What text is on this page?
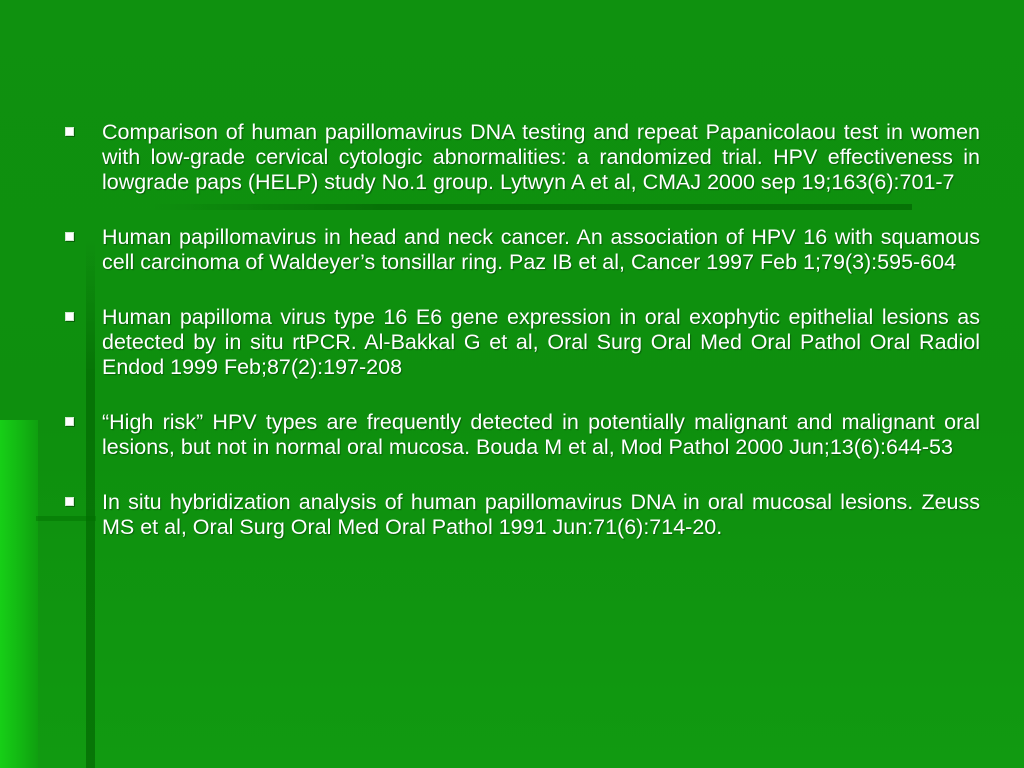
Comparison of human papillomavirus DNA testing and repeat Papanicolaou test in women with low-grade cervical cytologic abnormalities: a randomized trial. HPV effectiveness in lowgrade paps (HELP) study No.1 group. Lytwyn A et al, CMAJ 2000 sep 19;163(6):701-7
Human papillomavirus in head and neck cancer. An association of HPV 16 with squamous cell carcinoma of Waldeyer’s tonsillar ring. Paz IB et al, Cancer 1997 Feb 1;79(3):595-604
Human papilloma virus type 16 E6 gene expression in oral exophytic epithelial lesions as detected by in situ rtPCR. Al-Bakkal G et al, Oral Surg Oral Med Oral Pathol Oral Radiol Endod 1999 Feb;87(2):197-208
“High risk” HPV types are frequently detected in potentially malignant and malignant oral lesions, but not in normal oral mucosa. Bouda M et al, Mod Pathol 2000 Jun;13(6):644-53
In situ hybridization analysis of human papillomavirus DNA in oral mucosal lesions. Zeuss MS et al, Oral Surg Oral Med Oral Pathol 1991 Jun:71(6):714-20.
